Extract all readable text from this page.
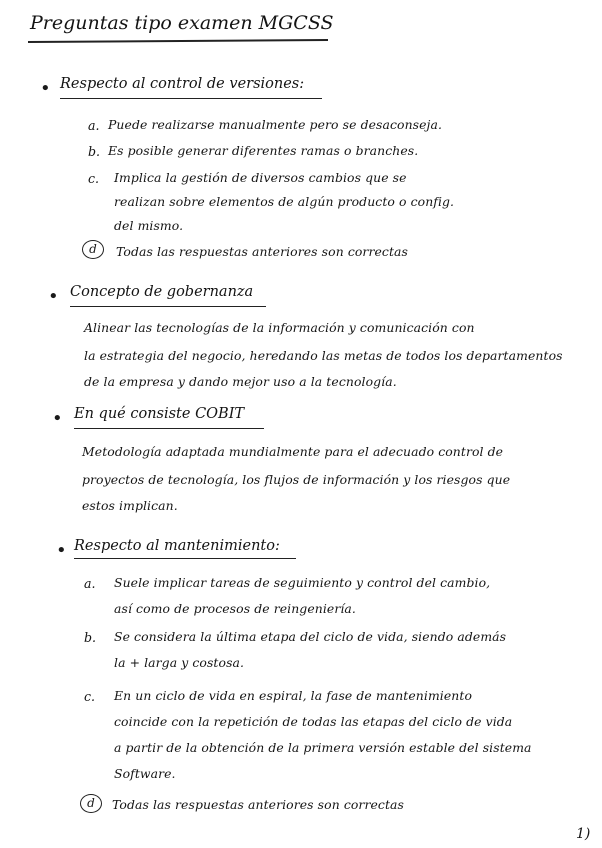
Preguntas tipo examen MGCSS
• Respecto al control de versiones:
a. Puede realizarse manualmente pero se desaconseja.
b. Es posible generar diferentes ramas o branches.
c. Implica la gestión de diversos cambios que se
realizan sobre elementos de algún producto o config.
del mismo.
d	Todas las respuestas anteriores son correctas
• Concepto de gobernanza
Alinear las tecnologías de la información y comunicación con
la estrategia del negocio, heredando las metas de todos los departamentos
de la empresa y dando mejor uso a la tecnología.
• En qué consiste COBIT
Metodología adaptada mundialmente para el adecuado control de
proyectos de tecnología, los flujos de información y los riesgos que
estos implican.
• Respecto al mantenimiento:
a. Suele implicar tareas de seguimiento y control del cambio,
así como de procesos de reingeniería.
b. Se considera la última etapa del ciclo de vida, siendo además
la + larga y costosa.
c. En un ciclo de vida en espiral, la fase de mantenimiento
coincide con la repetición de todas las etapas del ciclo de vida
a partir de la obtención de la primera versión estable del sistema
Software.
d	Todas las respuestas anteriores son correctas
1)
